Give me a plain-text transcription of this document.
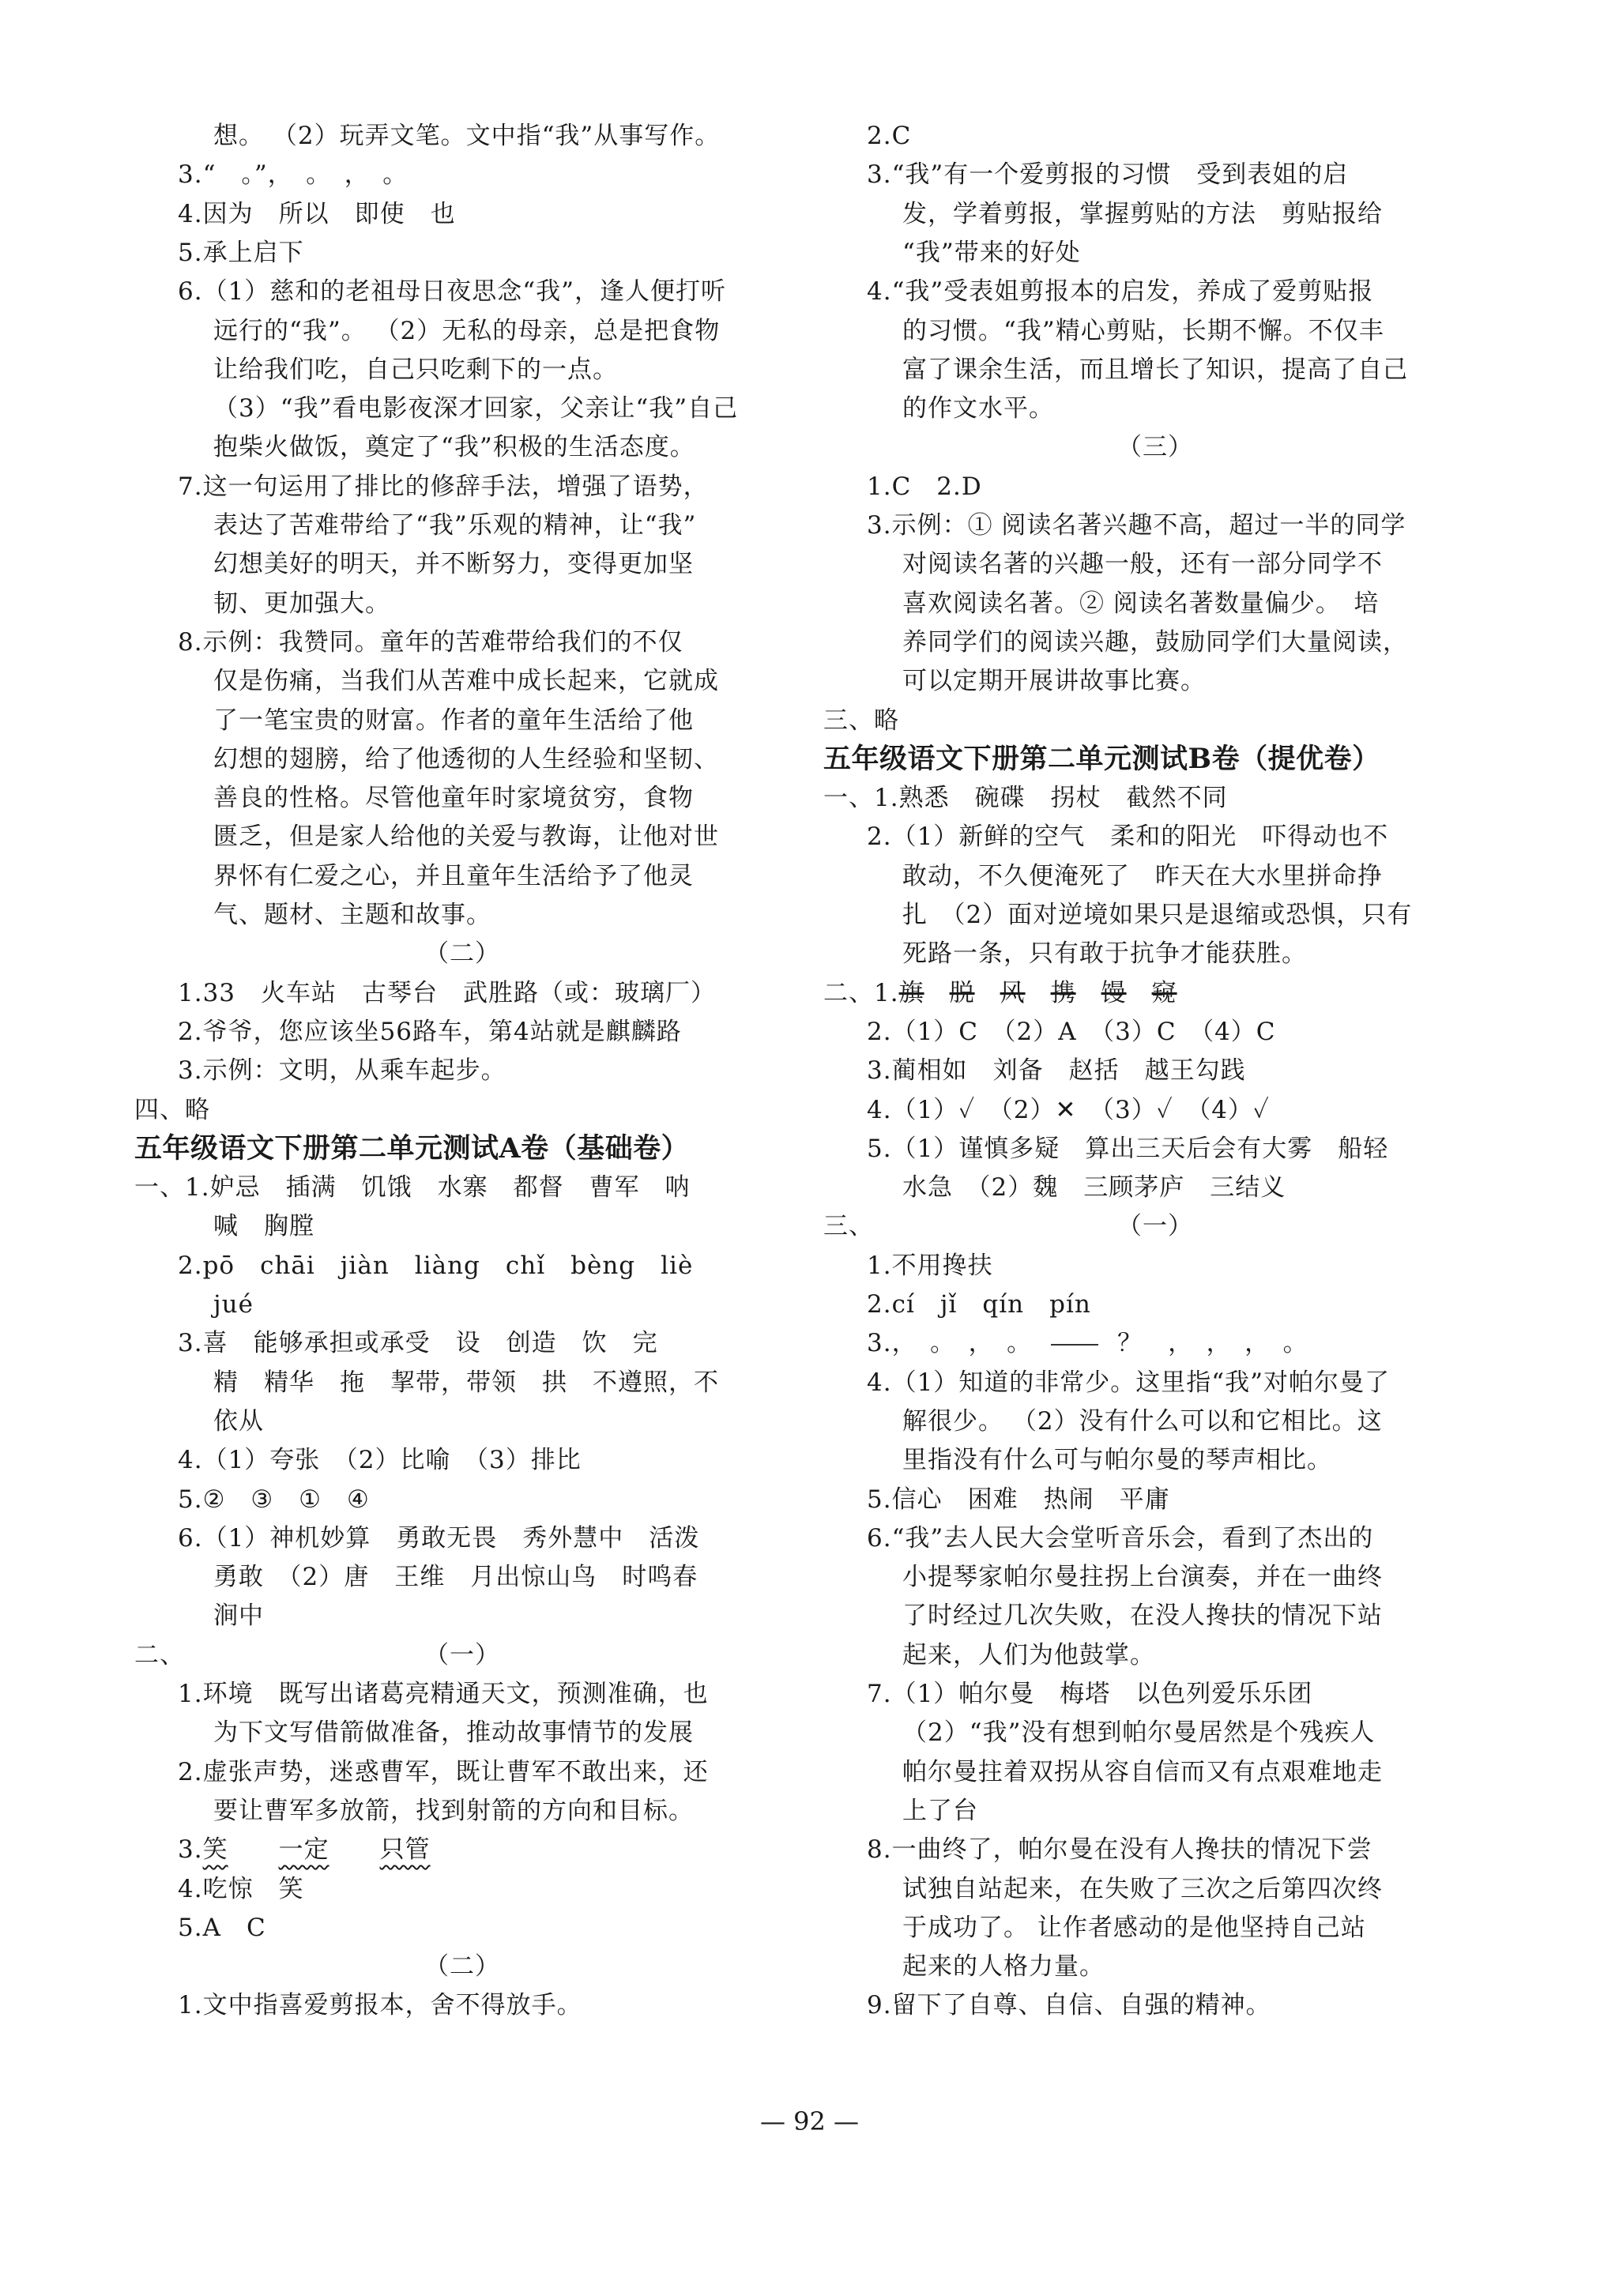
想。 （2）玩弄文笔。文中指“我”从事写作。
3.“　。”，　。　，　。
4.因为　所以　即使　也
5.承上启下
6.（1）慈和的老祖母日夜思念“我”，逢人便打听
远行的“我”。 （2）无私的母亲，总是把食物
让给我们吃，自己只吃剩下的一点。
（3）“我”看电影夜深才回家，父亲让“我”自己
抱柴火做饭，奠定了“我”积极的生活态度。
7.这一句运用了排比的修辞手法，增强了语势，
表达了苦难带给了“我”乐观的精神，让“我”
幻想美好的明天，并不断努力，变得更加坚
韧、更加强大。
8.示例：我赞同。童年的苦难带给我们的不仅
仅是伤痛，当我们从苦难中成长起来，它就成
了一笔宝贵的财富。作者的童年生活给了他
幻想的翅膀，给了他透彻的人生经验和坚韧、
善良的性格。尽管他童年时家境贫穷，食物
匮乏，但是家人给他的关爱与教诲，让他对世
界怀有仁爱之心，并且童年生活给予了他灵
气、题材、主题和故事。
（二）
1.33　火车站　古琴台　武胜路（或：玻璃厂）
2.爷爷，您应该坐56路车，第4站就是麒麟路
3.示例：文明，从乘车起步。
四、略
五年级语文下册第二单元测试A卷（基础卷）
一、1.妒忌　插满　饥饿　水寨　都督　曹军　呐
喊　胸膛
2.pō　chāi　jiàn　liàng　chǐ　bèng　liè
jué
3.喜　能够承担或承受　设　创造　饮　完
精　精华　拖　挈带，带领　拱　不遵照，不
依从
4.（1）夸张　（2）比喻　（3）排比
5.②　③　①　④
6.（1）神机妙算　勇敢无畏　秀外慧中　活泼
勇敢　（2）唐　王维　月出惊山鸟　时鸣春
涧中
二、	（一）
1.环境　既写出诸葛亮精通天文，预测准确，也
为下文写借箭做准备，推动故事情节的发展
2.虚张声势，迷惑曹军，既让曹军不敢出来，还
要让曹军多放箭，找到射箭的方向和目标。
3.笑　　 一定　　 只管
4.吃惊　笑
5.A　C
（二）
1.文中指喜爱剪报本，舍不得放手。
2.C
3.“我”有一个爱剪报的习惯　受到表姐的启
发，学着剪报，掌握剪贴的方法　剪贴报给
“我”带来的好处
4.“我”受表姐剪报本的启发，养成了爱剪贴报
的习惯。“我”精心剪贴，长期不懈。不仅丰
富了课余生活，而且增长了知识，提高了自己
的作文水平。
（三）
1.C　2.D
3.示例：① 阅读名著兴趣不高，超过一半的同学
对阅读名著的兴趣一般，还有一部分同学不
喜欢阅读名著。② 阅读名著数量偏少。　培
养同学们的阅读兴趣，鼓励同学们大量阅读，
可以定期开展讲故事比赛。
三、略
五年级语文下册第二单元测试B卷（提优卷）
一、1.熟悉　碗碟　拐杖　截然不同
2.（1）新鲜的空气　柔和的阳光　吓得动也不
敢动，不久便淹死了　昨天在大水里拼命挣
扎　（2）面对逆境如果只是退缩或恐惧，只有
死路一条，只有敢于抗争才能获胜。
二、1.旗　 脱　 风　 携　 馒　 窥
2.（1）C　（2）A　（3）C　（4）C
3.蔺相如　刘备　赵括　越王勾践
4.（1）✓　（2）✕　（3）✓　（4）✓
5.（1）谨慎多疑　算出三天后会有大雾　船轻
水急　（2）魏　三顾茅庐　三结义
三、	（一）
1.不用搀扶
2.cí　jǐ　qín　pín
3.，　。　，　。	？　，　，　，　。
4.（1）知道的非常少。这里指“我”对帕尔曼了
解很少。 （2）没有什么可以和它相比。这
里指没有什么可与帕尔曼的琴声相比。
5.信心　困难　热闹　平庸
6.“我”去人民大会堂听音乐会，看到了杰出的
小提琴家帕尔曼拄拐上台演奏，并在一曲终
了时经过几次失败，在没人搀扶的情况下站
起来，人们为他鼓掌。
7.（1）帕尔曼　梅塔　以色列爱乐乐团
（2）“我”没有想到帕尔曼居然是个残疾人
帕尔曼拄着双拐从容自信而又有点艰难地走
上了台
8.一曲终了，帕尔曼在没有人搀扶的情况下尝
试独自站起来，在失败了三次之后第四次终
于成功了。 让作者感动的是他坚持自己站
起来的人格力量。
9.留下了自尊、自信、自强的精神。
— 92 —
